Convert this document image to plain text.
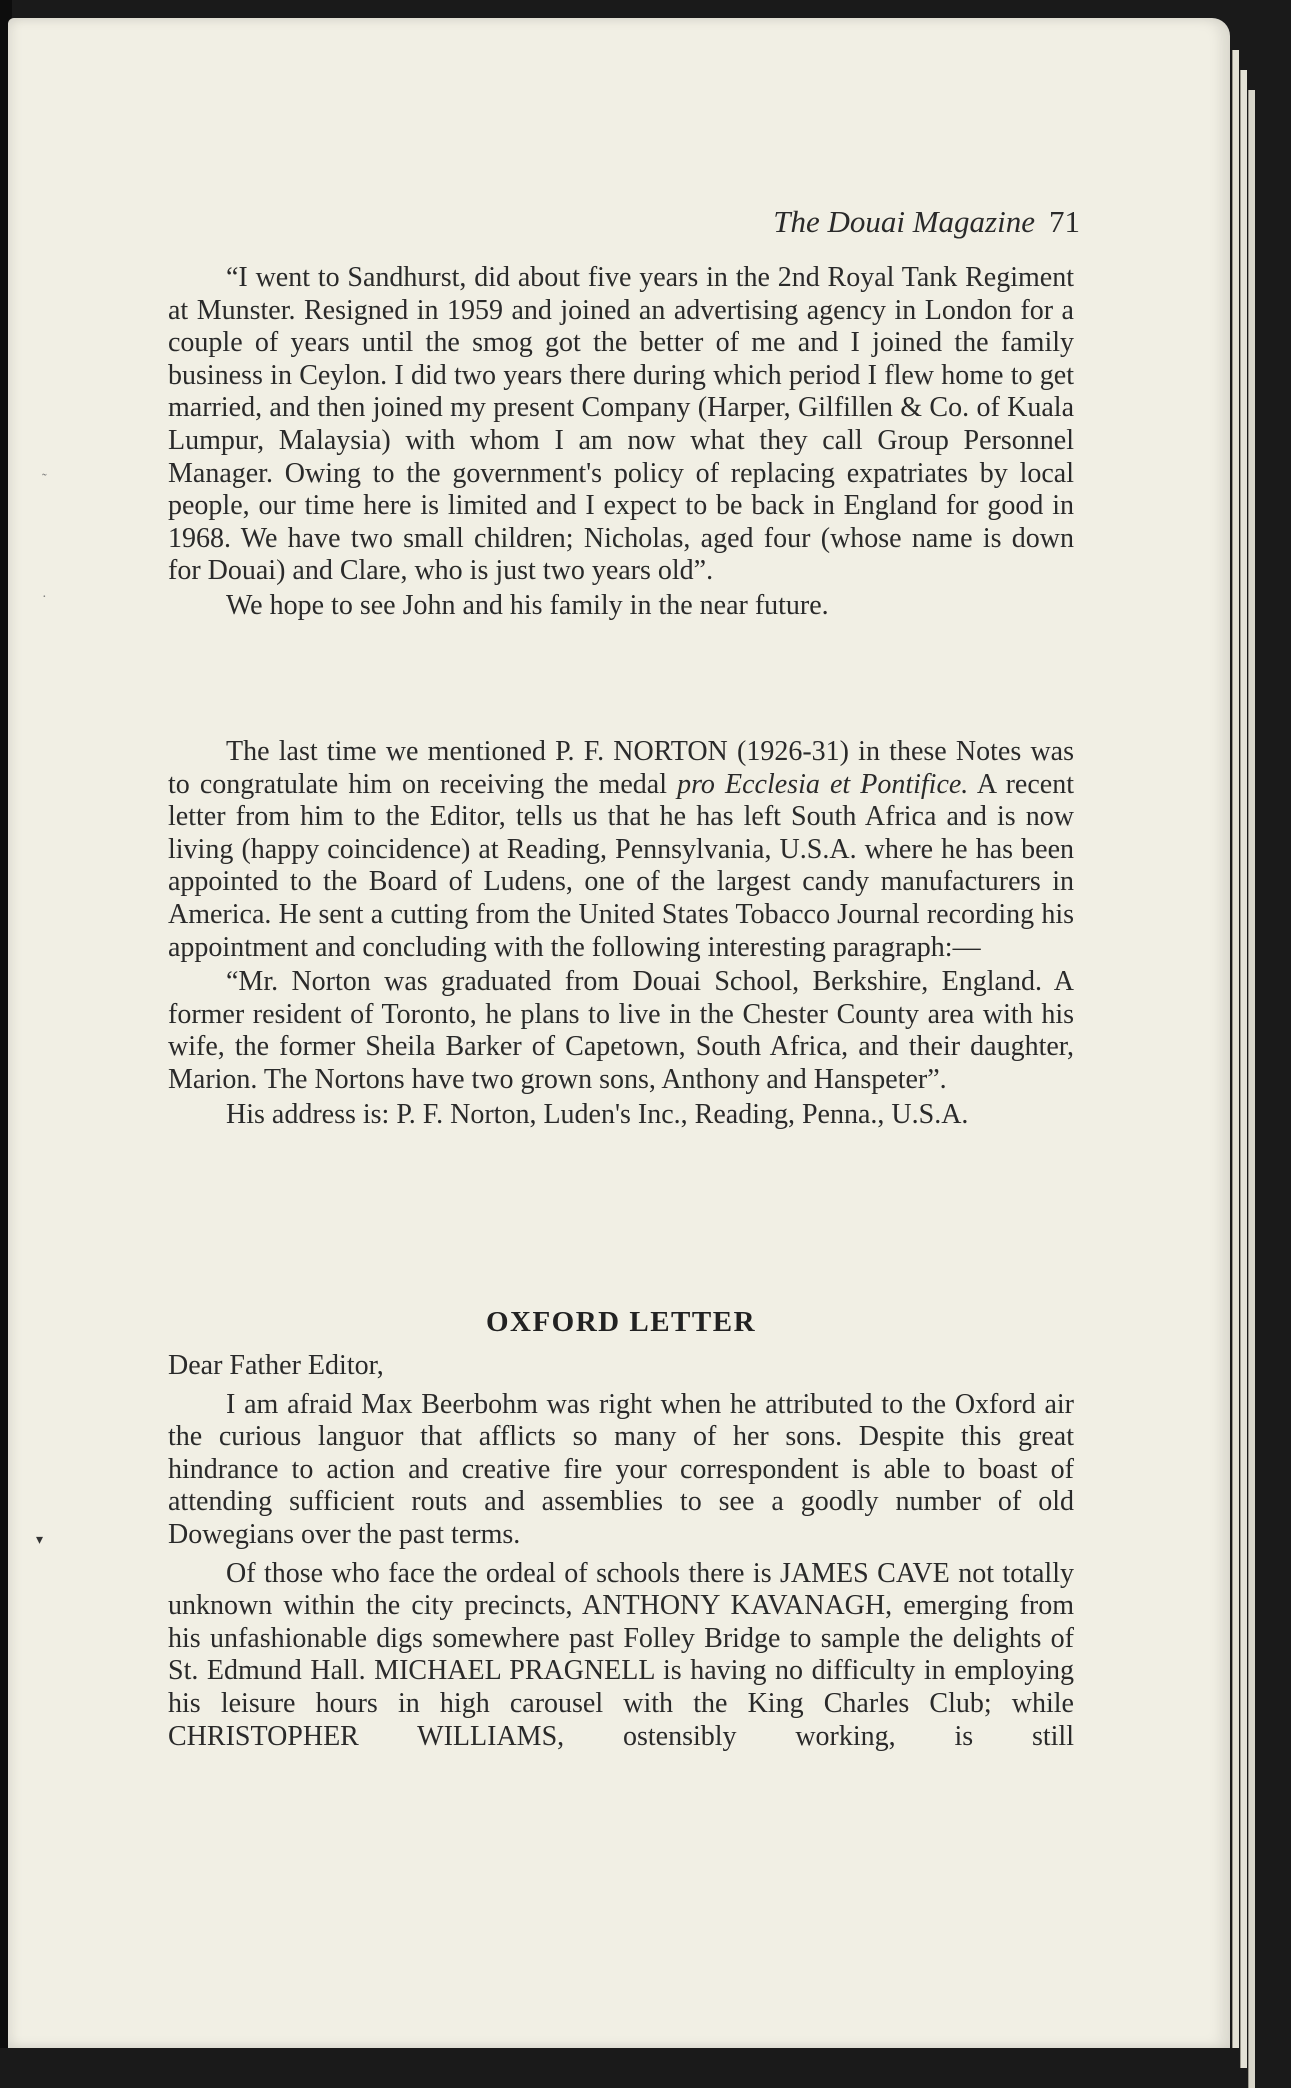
˜
·
▾
The Douai Magazine 71

“I went to Sandhurst, did about five years in the 2nd Royal Tank Regiment at Munster. Resigned in 1959 and joined an advertising agency in London for a couple of years until the smog got the better of me and I joined the family business in Ceylon. I did two years there during which period I flew home to get married, and then joined my present Company (Harper, Gilfillen & Co. of Kuala Lumpur, Malaysia) with whom I am now what they call Group Personnel Manager. Owing to the government's policy of replacing expatriates by local people, our time here is limited and I expect to be back in England for good in 1968. We have two small children; Nicholas, aged four (whose name is down for Douai) and Clare, who is just two years old”.

We hope to see John and his family in the near future.

The last time we mentioned P. F. NORTON (1926-31) in these Notes was to congratulate him on receiving the medal pro Ecclesia et Pontifice. A recent letter from him to the Editor, tells us that he has left South Africa and is now living (happy coincidence) at Reading, Pennsylvania, U.S.A. where he has been appointed to the Board of Ludens, one of the largest candy manufacturers in America. He sent a cutting from the United States Tobacco Journal recording his appointment and concluding with the following interesting paragraph:—

“Mr. Norton was graduated from Douai School, Berkshire, England. A former resident of Toronto, he plans to live in the Chester County area with his wife, the former Sheila Barker of Capetown, South Africa, and their daughter, Marion. The Nortons have two grown sons, Anthony and Hanspeter”.

His address is: P. F. Norton, Luden's Inc., Reading, Penna., U.S.A.

OXFORD LETTER

Dear Father Editor,

I am afraid Max Beerbohm was right when he attributed to the Oxford air the curious languor that afflicts so many of her sons. Despite this great hindrance to action and creative fire your correspondent is able to boast of attending sufficient routs and assemblies to see a goodly number of old Dowegians over the past terms.

Of those who face the ordeal of schools there is JAMES CAVE not totally unknown within the city precincts, ANTHONY KAVANAGH, emerging from his unfashionable digs somewhere past Folley Bridge to sample the delights of St. Edmund Hall. MICHAEL PRAGNELL is having no difficulty in employing his leisure hours in high carousel with the King Charles Club; while CHRISTOPHER WILLIAMS, ostensibly working, is still
